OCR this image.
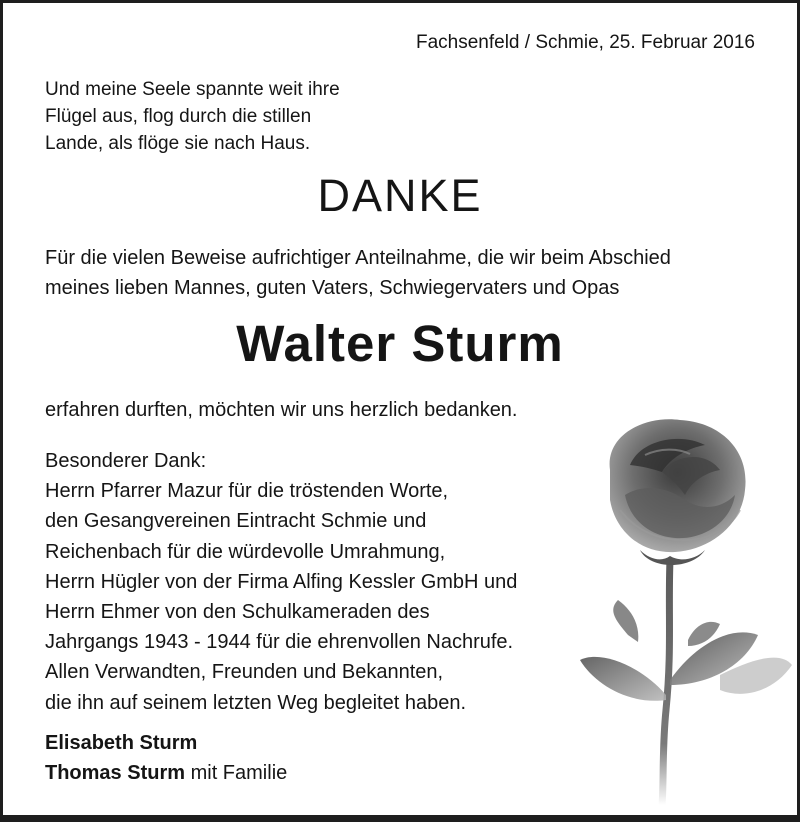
Fachsenfeld / Schmie, 25. Februar 2016
Und meine Seele spannte weit ihre
Flügel aus, flog durch die stillen
Lande, als flöge sie nach Haus.
DANKE
Für die vielen Beweise aufrichtiger Anteilnahme, die wir beim Abschied
meines lieben Mannes, guten Vaters, Schwiegervaters und Opas
Walter Sturm
erfahren durften, möchten wir uns herzlich bedanken.
Besonderer Dank:
Herrn Pfarrer Mazur für die tröstenden Worte,
den Gesangvereinen Eintracht Schmie und
Reichenbach für die würdevolle Umrahmung,
Herrn Hügler von der Firma Alfing Kessler GmbH und
Herrn Ehmer von den Schulkameraden des
Jahrgangs 1943 - 1944 für die ehrenvollen Nachrufe.
Allen Verwandten, Freunden und Bekannten,
die ihn auf seinem letzten Weg begleitet haben.
Elisabeth Sturm
Thomas Sturm mit Familie
